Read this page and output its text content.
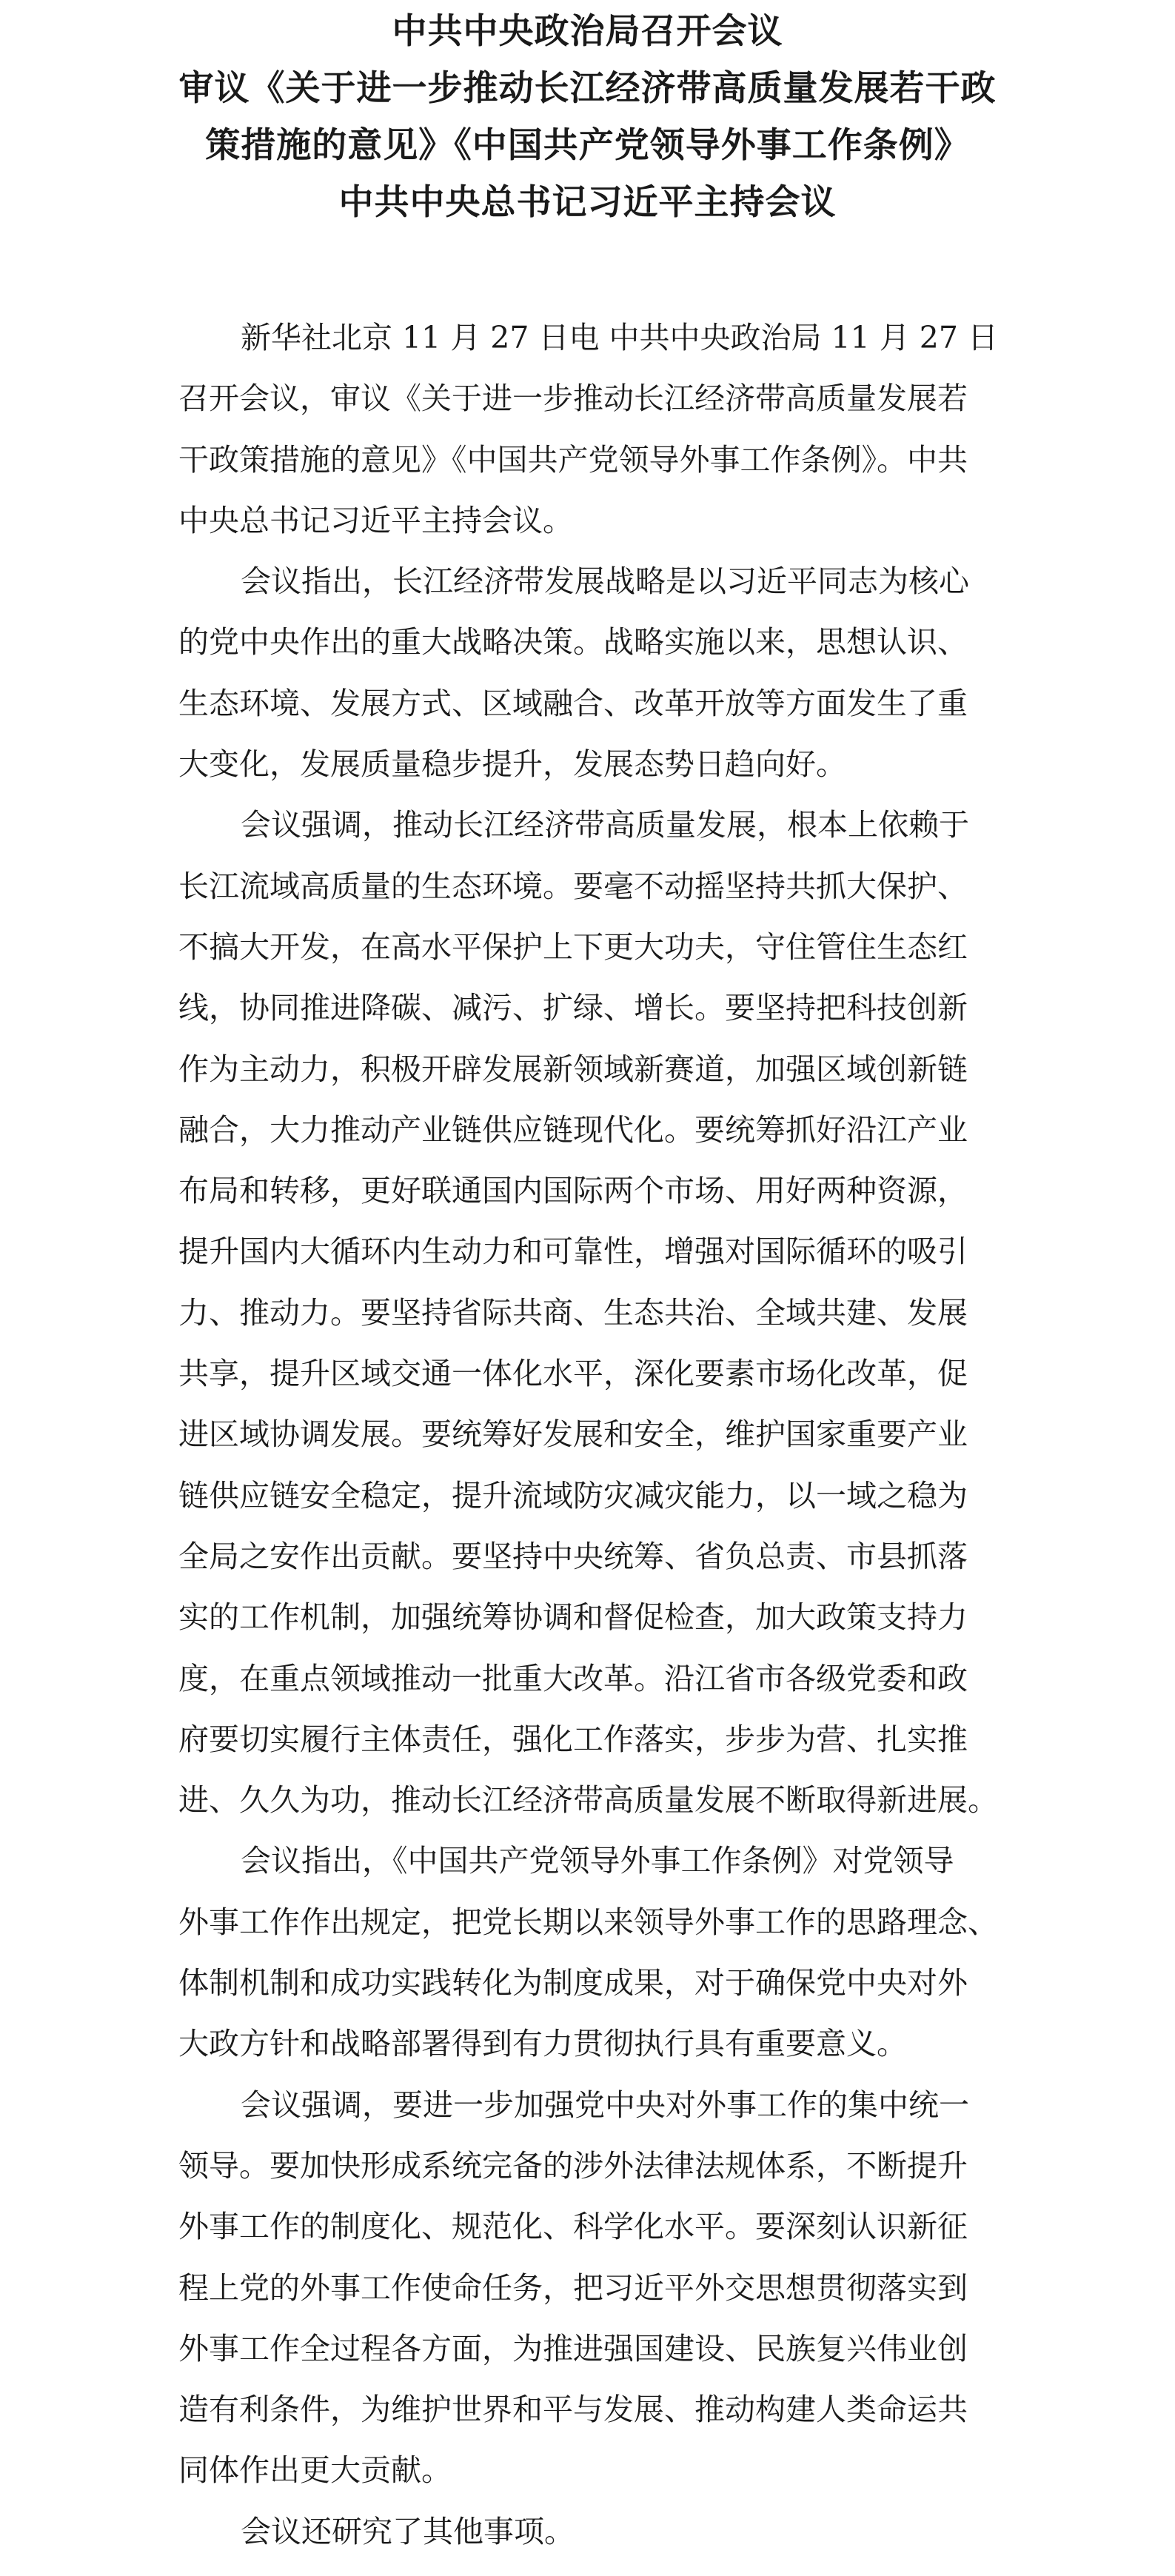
中共中央政治局召开会议
审议《关于进一步推动长江经济带高质量发展若干政
策措施的意见》《中国共产党领导外事工作条例》
中共中央总书记习近平主持会议
新华社北京 11 月 27 日电 中共中央政治局 11 月 27 日
召开会议，审议《关于进一步推动长江经济带高质量发展若
干政策措施的意见》《中国共产党领导外事工作条例》。中共
中央总书记习近平主持会议。
会议指出，长江经济带发展战略是以习近平同志为核心
的党中央作出的重大战略决策。战略实施以来，思想认识、
生态环境、发展方式、区域融合、改革开放等方面发生了重
大变化，发展质量稳步提升，发展态势日趋向好。
会议强调，推动长江经济带高质量发展，根本上依赖于
长江流域高质量的生态环境。要毫不动摇坚持共抓大保护、
不搞大开发，在高水平保护上下更大功夫，守住管住生态红
线，协同推进降碳、减污、扩绿、增长。要坚持把科技创新
作为主动力，积极开辟发展新领域新赛道，加强区域创新链
融合，大力推动产业链供应链现代化。要统筹抓好沿江产业
布局和转移，更好联通国内国际两个市场、用好两种资源，
提升国内大循环内生动力和可靠性，增强对国际循环的吸引
力、推动力。要坚持省际共商、生态共治、全域共建、发展
共享，提升区域交通一体化水平，深化要素市场化改革，促
进区域协调发展。要统筹好发展和安全，维护国家重要产业
链供应链安全稳定，提升流域防灾减灾能力，以一域之稳为
全局之安作出贡献。要坚持中央统筹、省负总责、市县抓落
实的工作机制，加强统筹协调和督促检查，加大政策支持力
度，在重点领域推动一批重大改革。沿江省市各级党委和政
府要切实履行主体责任，强化工作落实，步步为营、扎实推
进、久久为功，推动长江经济带高质量发展不断取得新进展。
会议指出，《中国共产党领导外事工作条例》对党领导
外事工作作出规定，把党长期以来领导外事工作的思路理念、
体制机制和成功实践转化为制度成果，对于确保党中央对外
大政方针和战略部署得到有力贯彻执行具有重要意义。
会议强调，要进一步加强党中央对外事工作的集中统一
领导。要加快形成系统完备的涉外法律法规体系，不断提升
外事工作的制度化、规范化、科学化水平。要深刻认识新征
程上党的外事工作使命任务，把习近平外交思想贯彻落实到
外事工作全过程各方面，为推进强国建设、民族复兴伟业创
造有利条件，为维护世界和平与发展、推动构建人类命运共
同体作出更大贡献。
会议还研究了其他事项。
